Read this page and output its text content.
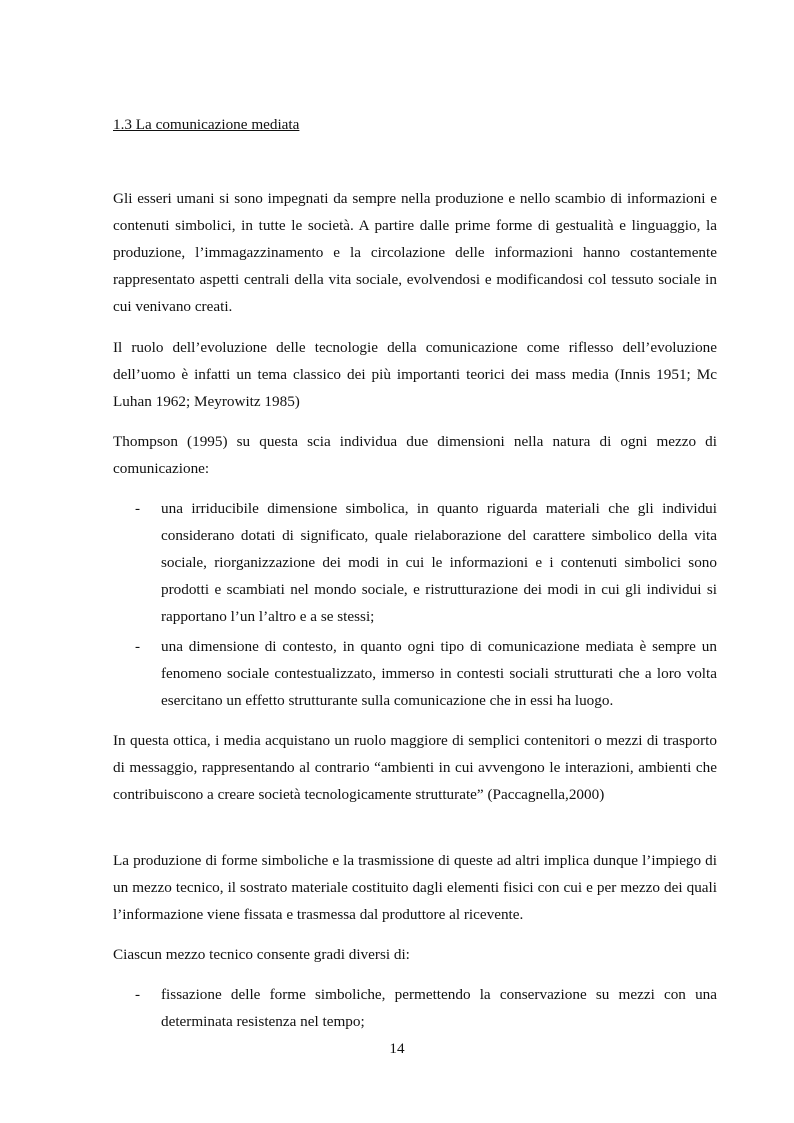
1.3 La comunicazione mediata

Gli esseri umani si sono impegnati da sempre nella produzione e nello scambio di informazioni e contenuti simbolici, in tutte le società. A partire dalle prime forme di gestualità e linguaggio, la produzione, l’immagazzinamento e la circolazione delle informazioni hanno costantemente rappresentato aspetti centrali della vita sociale, evolvendosi e modificandosi col tessuto sociale in cui venivano creati.

Il ruolo dell’evoluzione delle tecnologie della comunicazione come riflesso dell’evoluzione dell’uomo è infatti un tema classico dei più importanti teorici dei mass media (Innis 1951; Mc Luhan 1962; Meyrowitz 1985)

Thompson (1995) su questa scia individua due dimensioni nella natura di ogni mezzo di comunicazione:

- una irriducibile dimensione simbolica, in quanto riguarda materiali che gli individui considerano dotati di significato, quale rielaborazione del carattere simbolico della vita sociale, riorganizzazione dei modi in cui le informazioni e i contenuti simbolici sono prodotti e scambiati nel mondo sociale, e ristrutturazione dei modi in cui gli individui si rapportano l’un l’altro e a se stessi;
- una dimensione di contesto, in quanto ogni tipo di comunicazione mediata è sempre un fenomeno sociale contestualizzato, immerso in contesti sociali strutturati che a loro volta esercitano un effetto strutturante sulla comunicazione che in essi ha luogo.

In questa ottica, i media acquistano un ruolo maggiore di semplici contenitori o mezzi di trasporto di messaggio, rappresentando al contrario “ambienti in cui avvengono le interazioni, ambienti che contribuiscono a creare società tecnologicamente strutturate” (Paccagnella,2000)

La produzione di forme simboliche e la trasmissione di queste ad altri implica dunque l’impiego di un mezzo tecnico, il sostrato materiale costituito dagli elementi fisici con cui e per mezzo dei quali l’informazione viene fissata e trasmessa dal produttore al ricevente.

Ciascun mezzo tecnico consente gradi diversi di:

- fissazione delle forme simboliche, permettendo la conservazione su mezzi con una determinata resistenza nel tempo;
14
